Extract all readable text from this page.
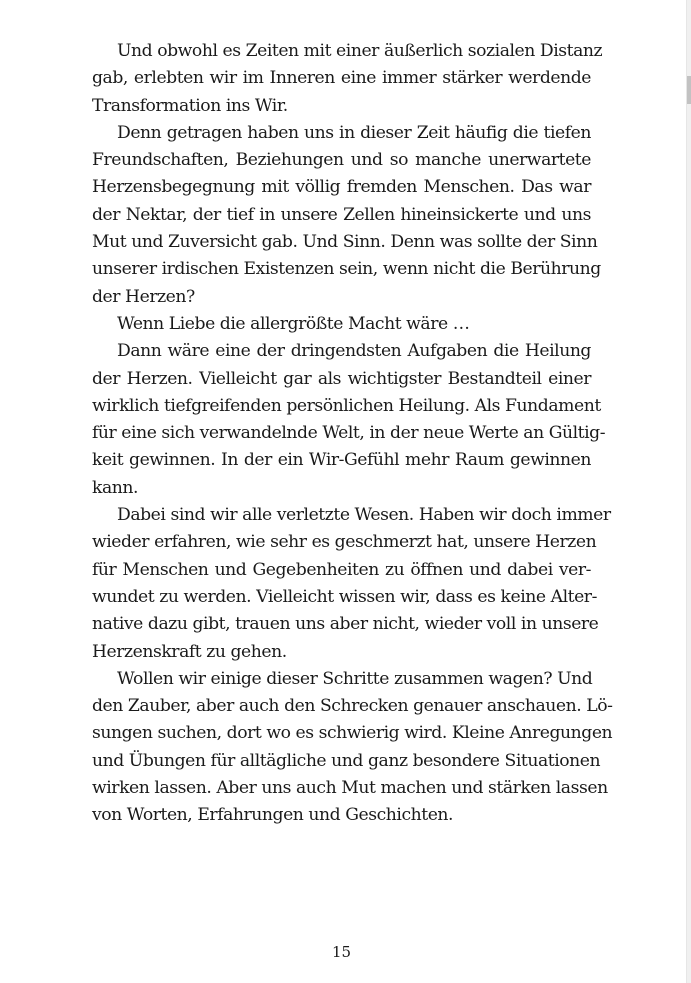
Und obwohl es Zeiten mit einer äußerlich sozialen Distanz
gab, erlebten wir im Inneren eine immer stärker werdende
Transformation ins Wir.
Denn getragen haben uns in dieser Zeit häufig die tiefen
Freundschaften, Beziehungen und so manche unerwartete
Herzensbegegnung mit völlig fremden Menschen. Das war
der Nektar, der tief in unsere Zellen hineinsickerte und uns
Mut und Zuversicht gab. Und Sinn. Denn was sollte der Sinn
unserer irdischen Existenzen sein, wenn nicht die Berührung
der Herzen?
Wenn Liebe die allergrößte Macht wäre …
Dann wäre eine der dringendsten Aufgaben die Heilung
der Herzen. Vielleicht gar als wichtigster Bestandteil einer
wirklich tiefgreifenden persönlichen Heilung. Als Fundament
für eine sich verwandelnde Welt, in der neue Werte an Gültig-
keit gewinnen. In der ein Wir-Gefühl mehr Raum gewinnen
kann.
Dabei sind wir alle verletzte Wesen. Haben wir doch immer
wieder erfahren, wie sehr es geschmerzt hat, unsere Herzen
für Menschen und Gegebenheiten zu öffnen und dabei ver-
wundet zu werden. Vielleicht wissen wir, dass es keine Alter-
native dazu gibt, trauen uns aber nicht, wieder voll in unsere
Herzenskraft zu gehen.
Wollen wir einige dieser Schritte zusammen wagen? Und
den Zauber, aber auch den Schrecken genauer anschauen. Lö-
sungen suchen, dort wo es schwierig wird. Kleine Anregungen
und Übungen für alltägliche und ganz besondere Situationen
wirken lassen. Aber uns auch Mut machen und stärken lassen
von Worten, Erfahrungen und Geschichten.
15
